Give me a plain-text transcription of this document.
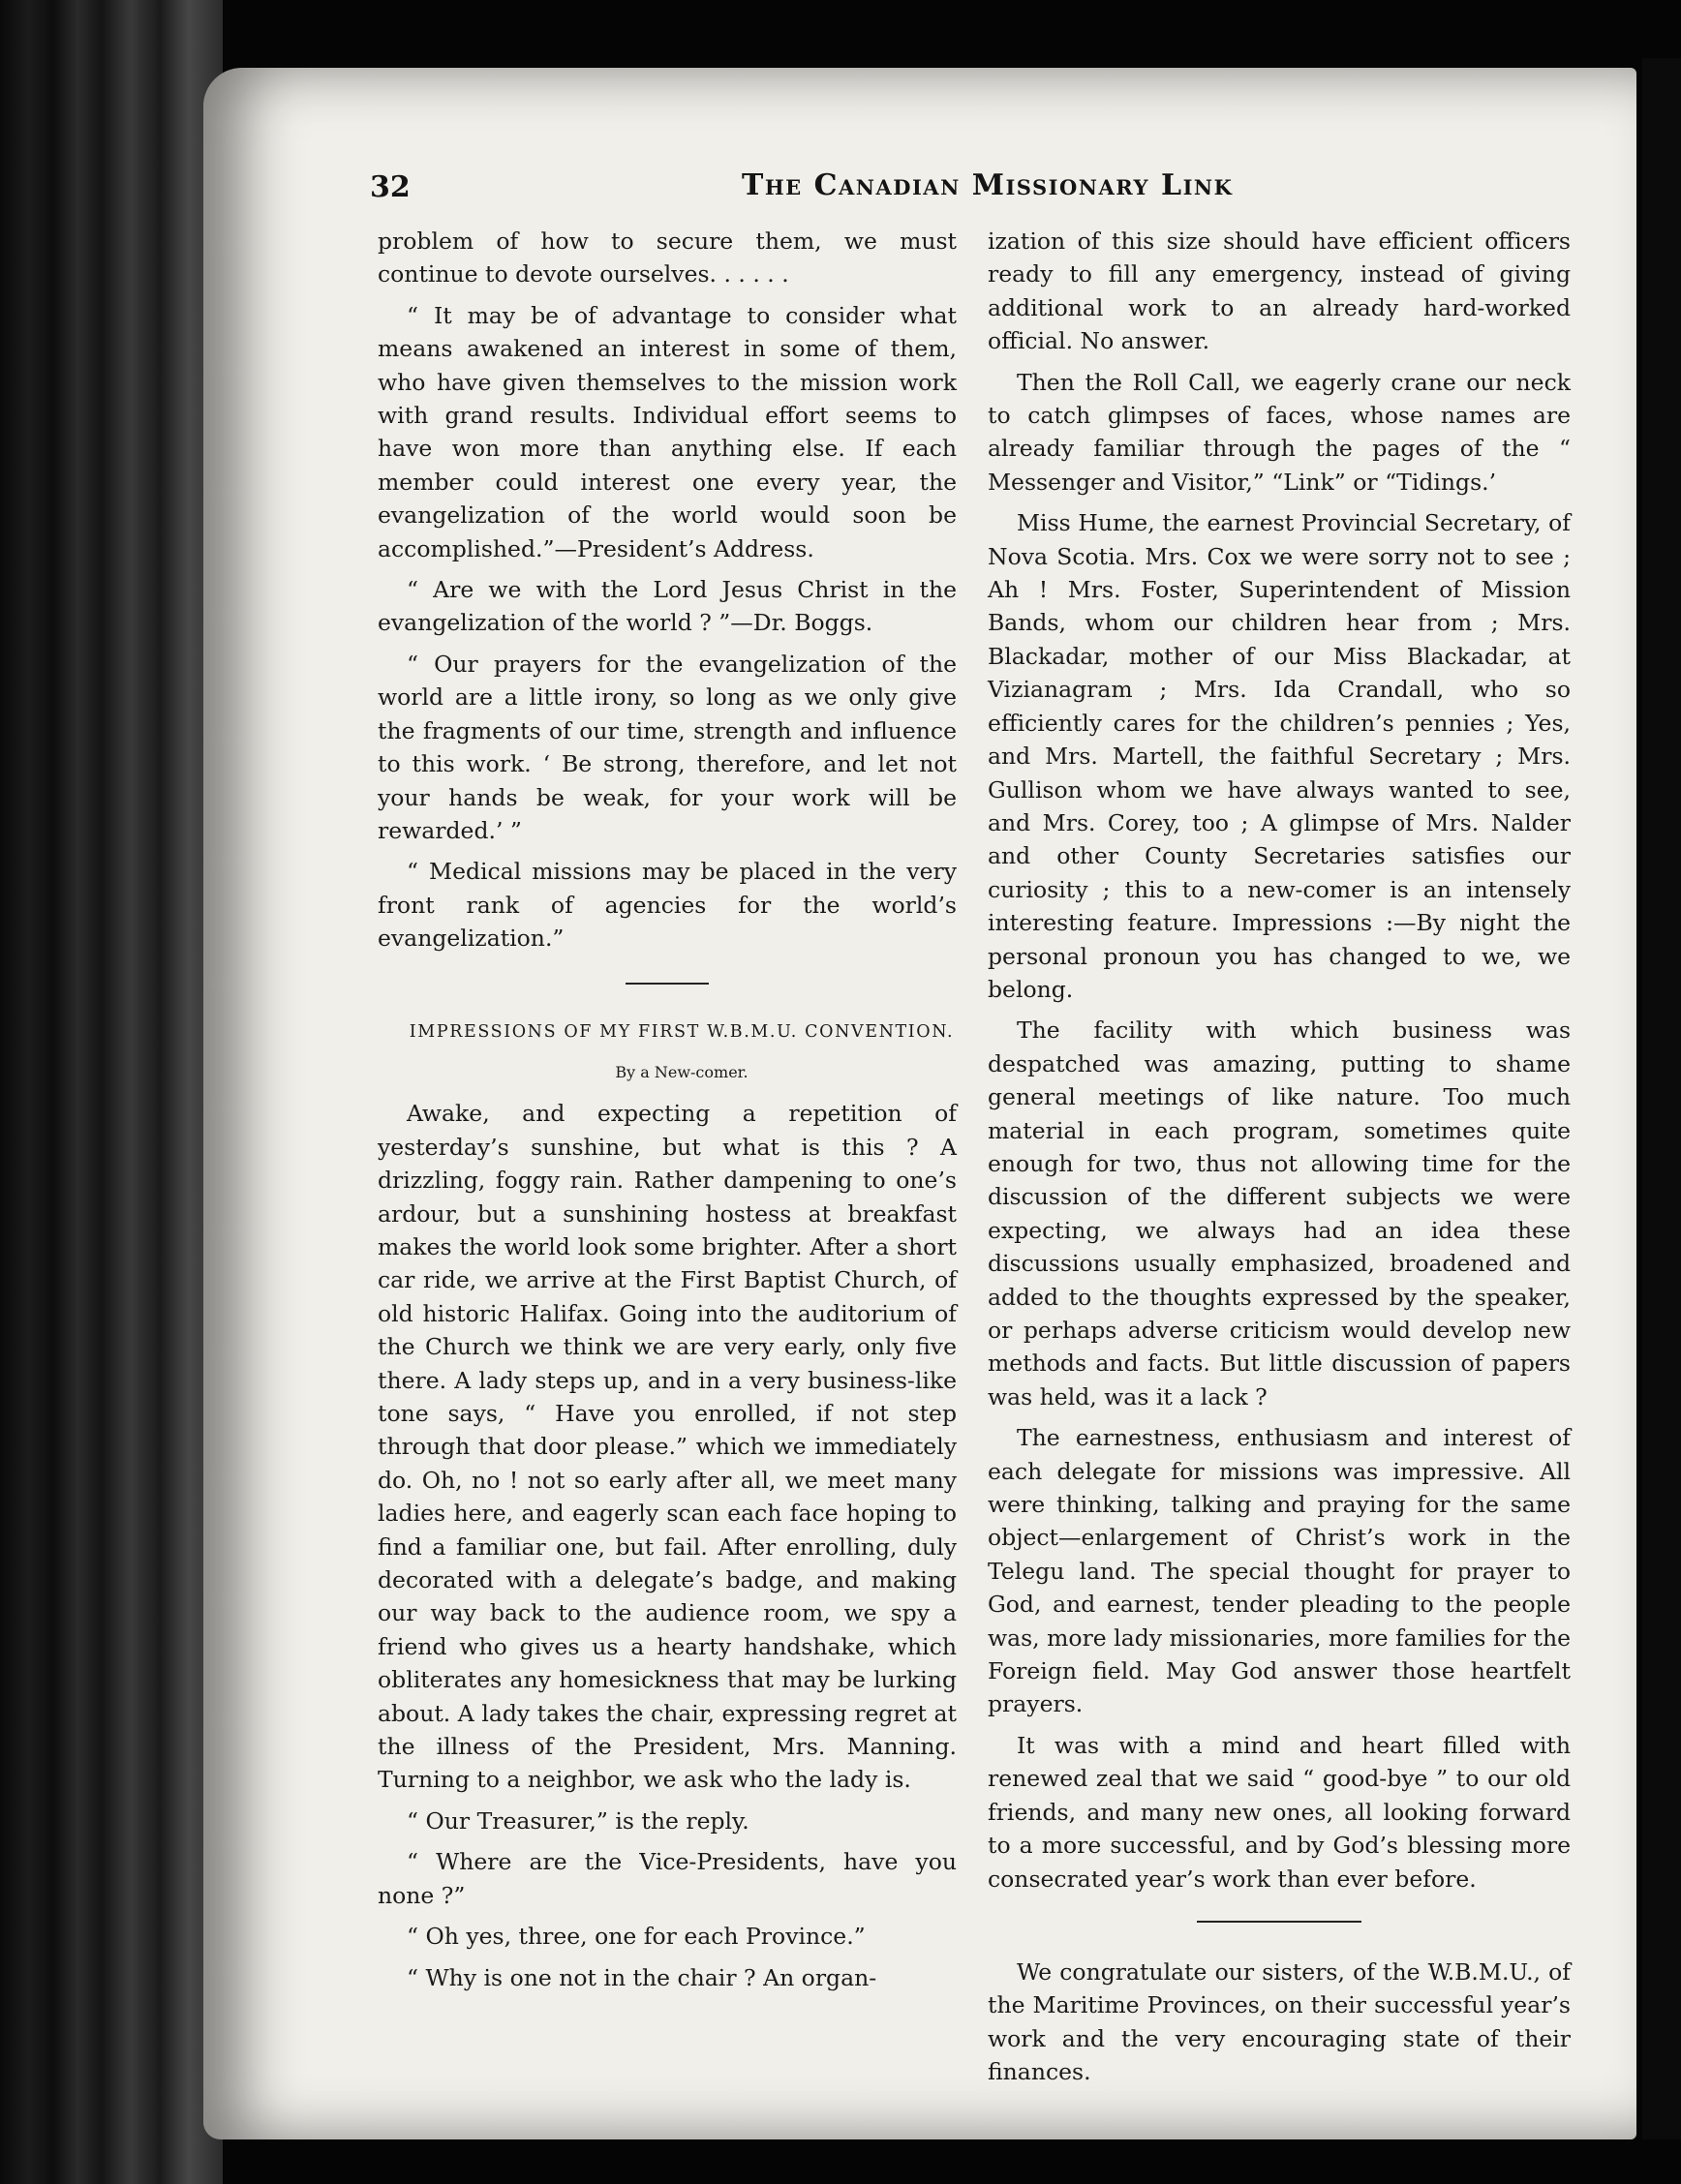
32	The Canadian Missionary Link

problem of how to secure them, we must continue to devote ourselves. . . . . .

“ It may be of advantage to consider what means awakened an interest in some of them, who have given themselves to the mission work with grand results. Individual effort seems to have won more than anything else. If each member could interest one every year, the evangelization of the world would soon be accomplished.”—President’s Address.

“ Are we with the Lord Jesus Christ in the evangelization of the world ? ”—Dr. Boggs.

“ Our prayers for the evangelization of the world are a little irony, so long as we only give the fragments of our time, strength and influence to this work. ‘ Be strong, therefore, and let not your hands be weak, for your work will be rewarded.’ ”

“ Medical missions may be placed in the very front rank of agencies for the world’s evangelization.”

IMPRESSIONS OF MY FIRST W.B.M.U. CONVENTION.

By a New-comer.

Awake, and expecting a repetition of yesterday’s sunshine, but what is this ? A drizzling, foggy rain. Rather dampening to one’s ardour, but a sunshining hostess at breakfast makes the world look some brighter. After a short car ride, we arrive at the First Baptist Church, of old historic Halifax. Going into the auditorium of the Church we think we are very early, only five there. A lady steps up, and in a very business-like tone says, “ Have you enrolled, if not step through that door please.” which we immediately do. Oh, no ! not so early after all, we meet many ladies here, and eagerly scan each face hoping to find a familiar one, but fail. After enrolling, duly decorated with a delegate’s badge, and making our way back to the audience room, we spy a friend who gives us a hearty handshake, which obliterates any homesickness that may be lurking about. A lady takes the chair, expressing regret at the illness of the President, Mrs. Manning. Turning to a neighbor, we ask who the lady is.

“ Our Treasurer,” is the reply.

“ Where are the Vice-Presidents, have you none ?”

“ Oh yes, three, one for each Province.”

“ Why is one not in the chair ? An organ-

ization of this size should have efficient officers ready to fill any emergency, instead of giving additional work to an already hard-worked official. No answer.

Then the Roll Call, we eagerly crane our neck to catch glimpses of faces, whose names are already familiar through the pages of the “ Messenger and Visitor,” “Link” or “Tidings.’

Miss Hume, the earnest Provincial Secretary, of Nova Scotia. Mrs. Cox we were sorry not to see ; Ah ! Mrs. Foster, Superintendent of Mission Bands, whom our children hear from ; Mrs. Blackadar, mother of our Miss Blackadar, at Vizianagram ; Mrs. Ida Crandall, who so efficiently cares for the children’s pennies ; Yes, and Mrs. Martell, the faithful Secretary ; Mrs. Gullison whom we have always wanted to see, and Mrs. Corey, too ; A glimpse of Mrs. Nalder and other County Secretaries satisfies our curiosity ; this to a new-comer is an intensely interesting feature. Impressions :—By night the personal pronoun you has changed to we, we belong.

The facility with which business was despatched was amazing, putting to shame general meetings of like nature. Too much material in each program, sometimes quite enough for two, thus not allowing time for the discussion of the different subjects we were expecting, we always had an idea these discussions usually emphasized, broadened and added to the thoughts expressed by the speaker, or perhaps adverse criticism would develop new methods and facts. But little discussion of papers was held, was it a lack ?

The earnestness, enthusiasm and interest of each delegate for missions was impressive. All were thinking, talking and praying for the same object—enlargement of Christ’s work in the Telegu land. The special thought for prayer to God, and earnest, tender pleading to the people was, more lady missionaries, more families for the Foreign field. May God answer those heartfelt prayers.

It was with a mind and heart filled with renewed zeal that we said “ good-bye ” to our old friends, and many new ones, all looking forward to a more successful, and by God’s blessing more consecrated year’s work than ever before.

We congratulate our sisters, of the W.B.M.U., of the Maritime Provinces, on their successful year’s work and the very encouraging state of their finances.
